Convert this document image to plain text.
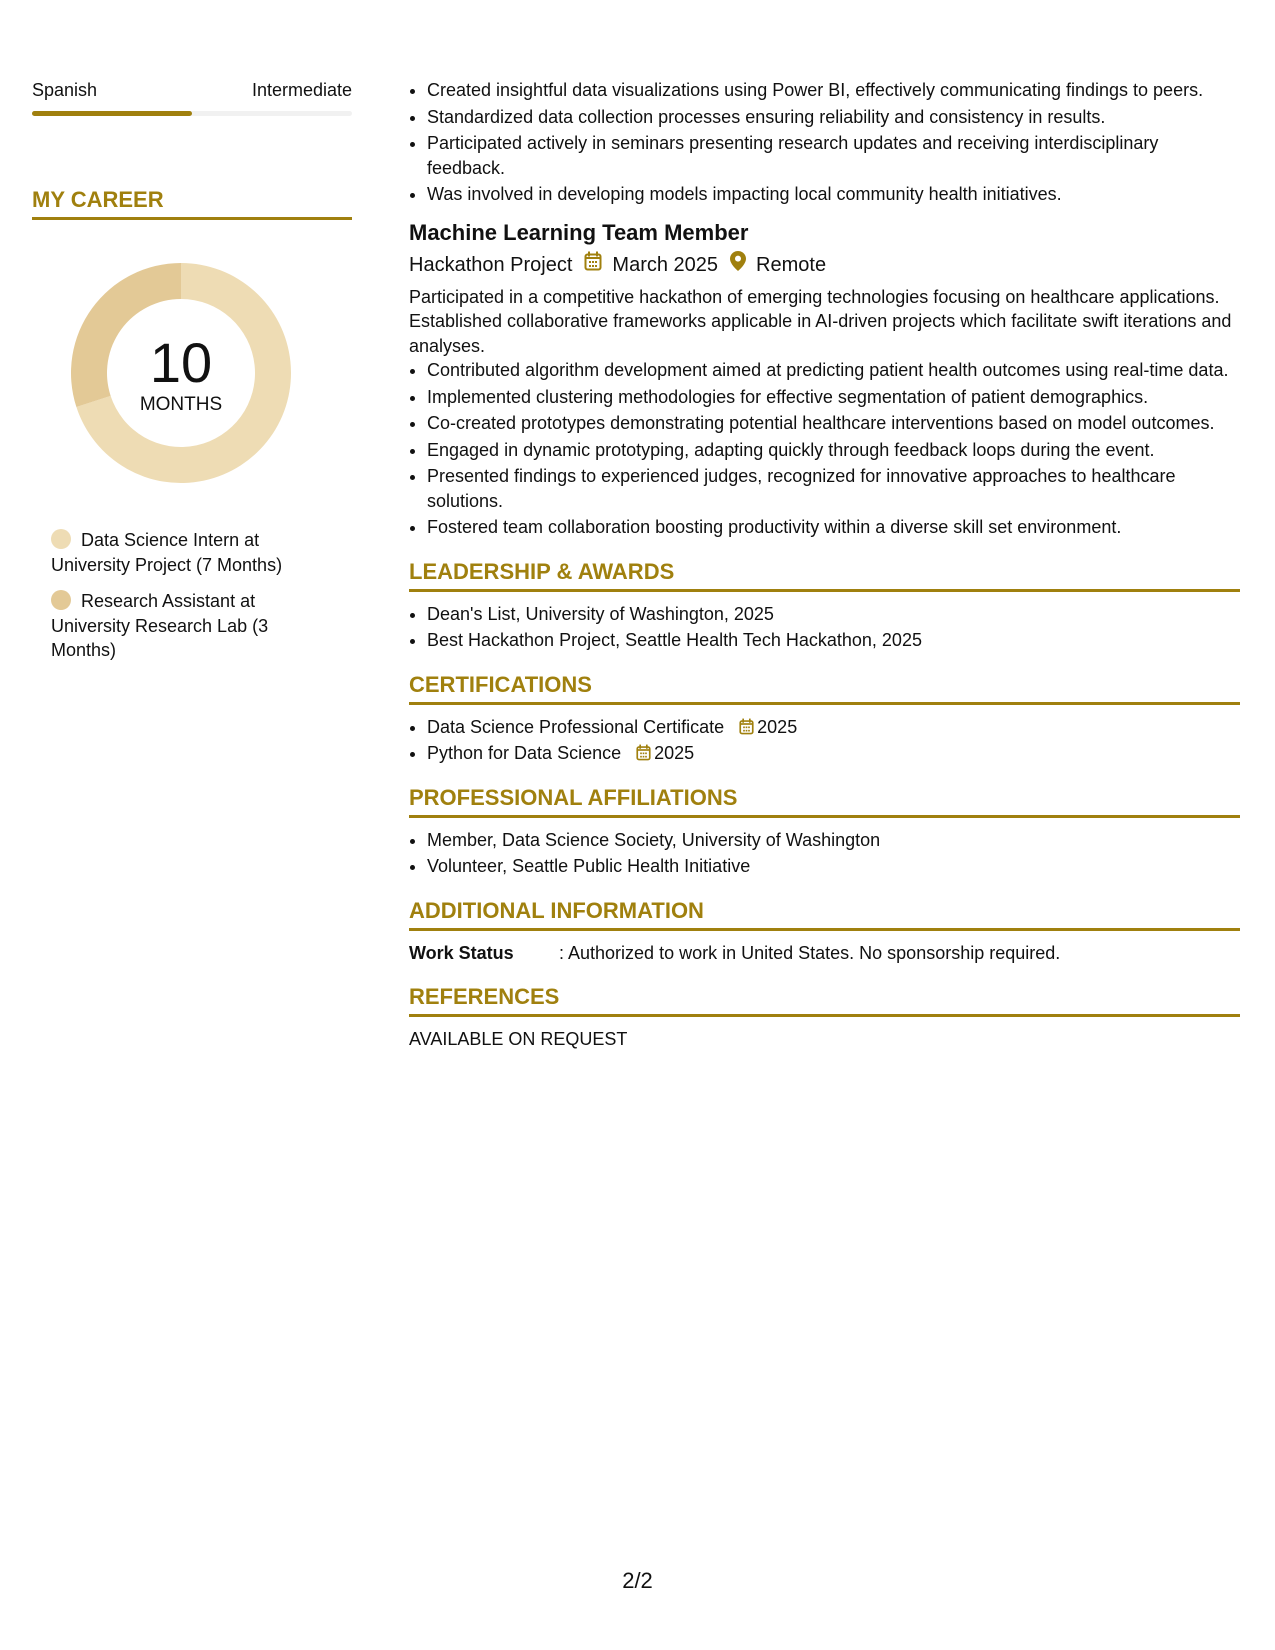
Spanish	Intermediate
MY CAREER
10
MONTHS
Data Science Intern at University Project (7 Months)
Research Assistant at University Research Lab (3 Months)
• Created insightful data visualizations using Power BI, effectively communicating findings to peers.
• Standardized data collection processes ensuring reliability and consistency in results.
• Participated actively in seminars presenting research updates and receiving interdisciplinary feedback.
• Was involved in developing models impacting local community health initiatives.
Machine Learning Team Member
Hackathon Project March 2025 Remote
Participated in a competitive hackathon of emerging technologies focusing on healthcare applications. Established collaborative frameworks applicable in AI-driven projects which facilitate swift iterations and analyses.
• Contributed algorithm development aimed at predicting patient health outcomes using real-time data.
• Implemented clustering methodologies for effective segmentation of patient demographics.
• Co-created prototypes demonstrating potential healthcare interventions based on model outcomes.
• Engaged in dynamic prototyping, adapting quickly through feedback loops during the event.
• Presented findings to experienced judges, recognized for innovative approaches to healthcare solutions.
• Fostered team collaboration boosting productivity within a diverse skill set environment.
LEADERSHIP & AWARDS
• Dean's List, University of Washington, 2025
• Best Hackathon Project, Seattle Health Tech Hackathon, 2025
CERTIFICATIONS
• Data Science Professional Certificate 2025
• Python for Data Science 2025
PROFESSIONAL AFFILIATIONS
• Member, Data Science Society, University of Washington
• Volunteer, Seattle Public Health Initiative
ADDITIONAL INFORMATION
Work Status	: Authorized to work in United States. No sponsorship required.
REFERENCES
AVAILABLE ON REQUEST
2/2
